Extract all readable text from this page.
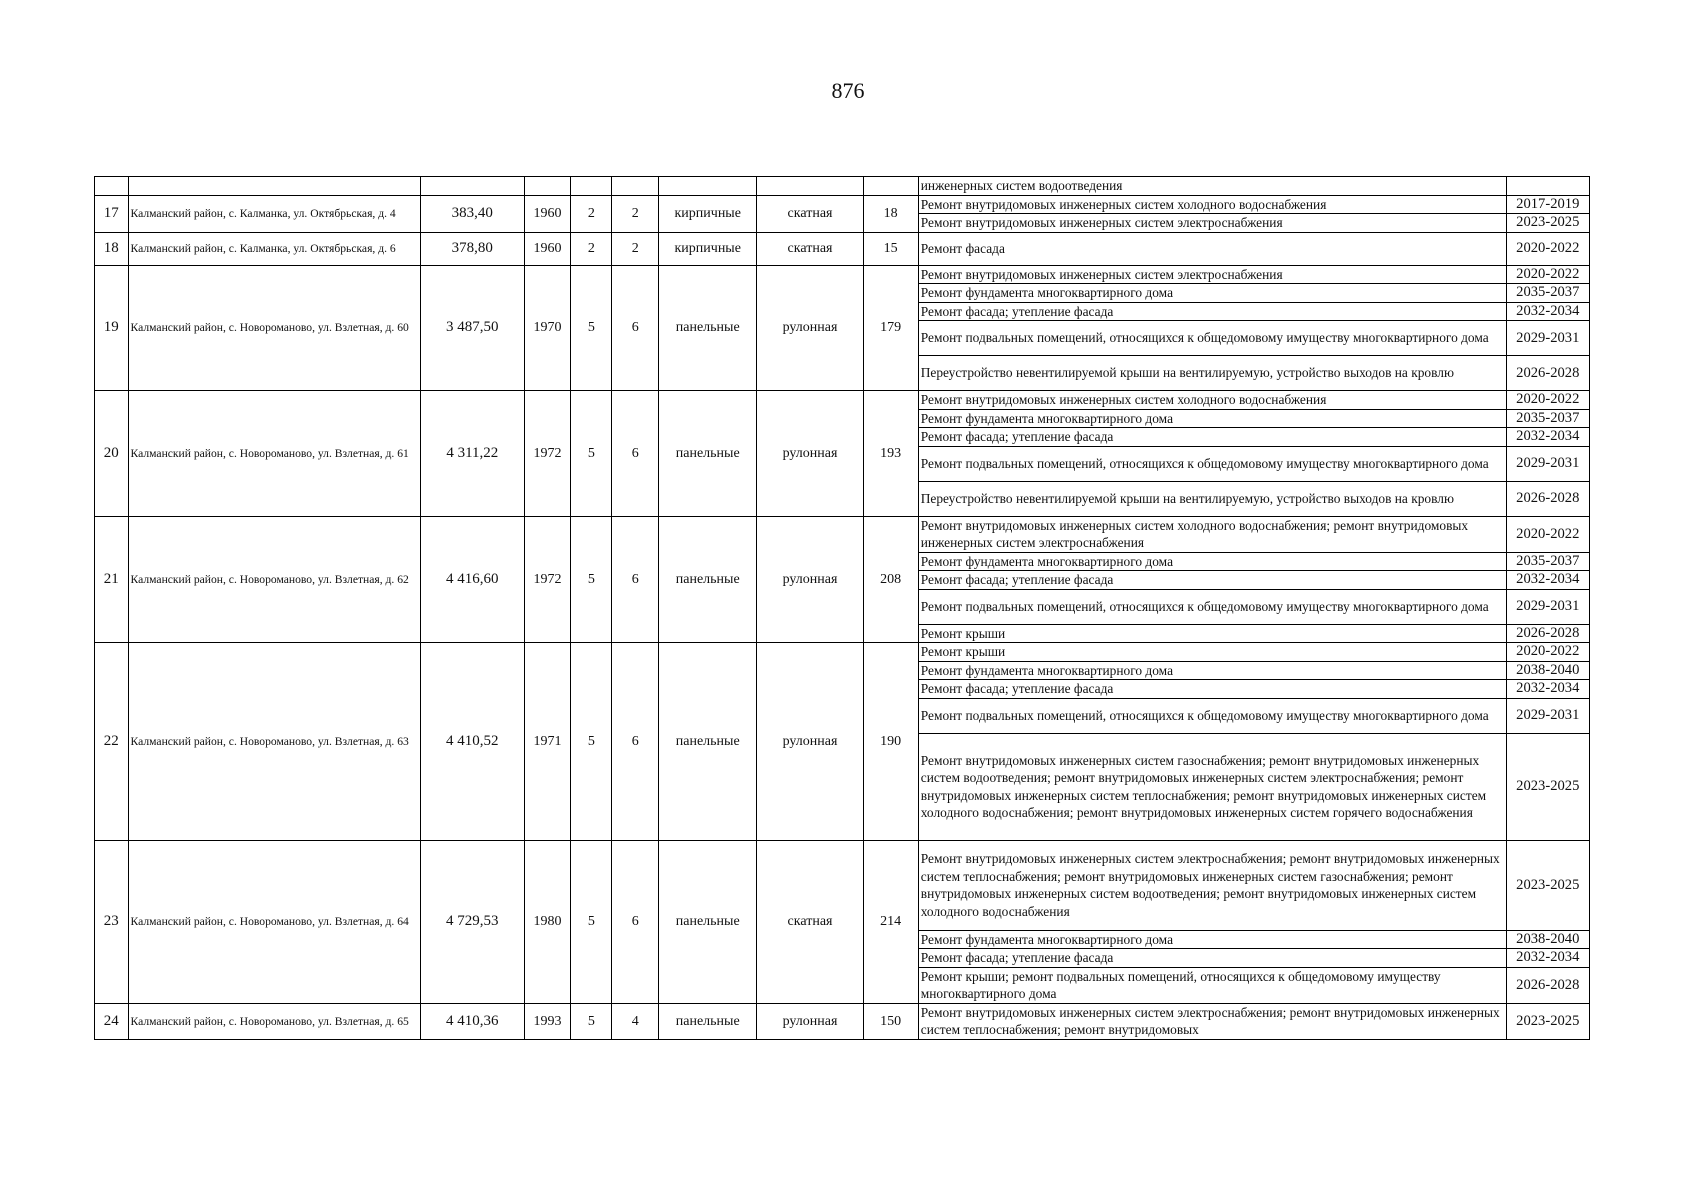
876
									инженерных систем водоотведения	
17	Калманский район, с. Калманка, ул. Октябрьская, д. 4	383,40	1960	2	2	кирпичные	скатная	18	Ремонт внутридомовых инженерных систем холодного водоснабжения	2017-2019
									Ремонт внутридомовых инженерных систем электроснабжения	2023-2025
18	Калманский район, с. Калманка, ул. Октябрьская, д. 6	378,80	1960	2	2	кирпичные	скатная	15	Ремонт фасада	2020-2022
19	Калманский район, с. Новороманово, ул. Взлетная, д. 60	3 487,50	1970	5	6	панельные	рулонная	179	Ремонт внутридомовых инженерных систем электроснабжения	2020-2022
									Ремонт фундамента многоквартирного дома	2035-2037
									Ремонт фасада; утепление фасада	2032-2034
									Ремонт подвальных помещений, относящихся к общедомовому имуществу многоквартирного дома	2029-2031
									Переустройство невентилируемой крыши на вентилируемую, устройство выходов на кровлю	2026-2028
20	Калманский район, с. Новороманово, ул. Взлетная, д. 61	4 311,22	1972	5	6	панельные	рулонная	193	Ремонт внутридомовых инженерных систем холодного водоснабжения	2020-2022
									Ремонт фундамента многоквартирного дома	2035-2037
									Ремонт фасада; утепление фасада	2032-2034
									Ремонт подвальных помещений, относящихся к общедомовому имуществу многоквартирного дома	2029-2031
									Переустройство невентилируемой крыши на вентилируемую, устройство выходов на кровлю	2026-2028
21	Калманский район, с. Новороманово, ул. Взлетная, д. 62	4 416,60	1972	5	6	панельные	рулонная	208	Ремонт внутридомовых инженерных систем холодного водоснабжения; ремонт внутридомовых инженерных систем электроснабжения	2020-2022
									Ремонт фундамента многоквартирного дома	2035-2037
									Ремонт фасада; утепление фасада	2032-2034
									Ремонт подвальных помещений, относящихся к общедомовому имуществу многоквартирного дома	2029-2031
									Ремонт крыши	2026-2028
22	Калманский район, с. Новороманово, ул. Взлетная, д. 63	4 410,52	1971	5	6	панельные	рулонная	190	Ремонт крыши	2020-2022
									Ремонт фундамента многоквартирного дома	2038-2040
									Ремонт фасада; утепление фасада	2032-2034
									Ремонт подвальных помещений, относящихся к общедомовому имуществу многоквартирного дома	2029-2031
									Ремонт внутридомовых инженерных систем газоснабжения; ремонт внутридомовых инженерных систем водоотведения; ремонт внутридомовых инженерных систем электроснабжения; ремонт внутридомовых инженерных систем теплоснабжения; ремонт внутридомовых инженерных систем холодного водоснабжения; ремонт внутридомовых инженерных систем горячего водоснабжения	2023-2025
23	Калманский район, с. Новороманово, ул. Взлетная, д. 64	4 729,53	1980	5	6	панельные	скатная	214	Ремонт внутридомовых инженерных систем электроснабжения; ремонт внутридомовых инженерных систем теплоснабжения; ремонт внутридомовых инженерных систем газоснабжения; ремонт внутридомовых инженерных систем водоотведения; ремонт внутридомовых инженерных систем холодного водоснабжения	2023-2025
									Ремонт фундамента многоквартирного дома	2038-2040
									Ремонт фасада; утепление фасада	2032-2034
									Ремонт крыши; ремонт подвальных помещений, относящихся к общедомовому имуществу многоквартирного дома	2026-2028
24	Калманский район, с. Новороманово, ул. Взлетная, д. 65	4 410,36	1993	5	4	панельные	рулонная	150	Ремонт внутридомовых инженерных систем электроснабжения; ремонт внутридомовых инженерных систем теплоснабжения; ремонт внутридомовых	2023-2025
